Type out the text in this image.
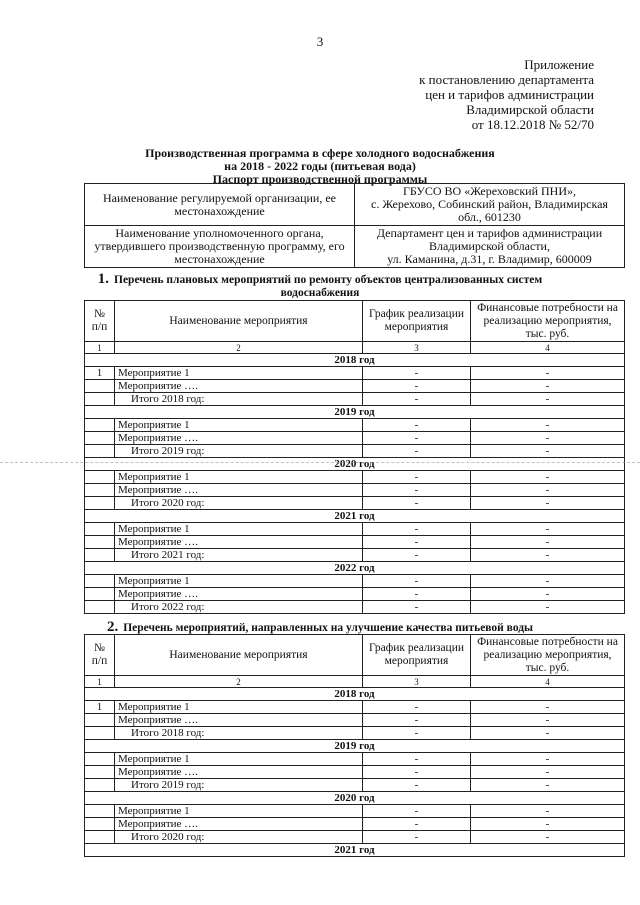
3
Приложение
к постановлению департамента
цен и тарифов администрации
Владимирской области
от 18.12.2018 № 52/70
Производственная программа в сфере холодного водоснабжения
на 2018 - 2022 годы (питьевая вода)
Паспорт производственной программы
Наименование регулируемой организации, ее местонахождение	ГБУСО ВО «Жереховский ПНИ»,
с. Жерехово, Собинский район, Владимирская
обл., 601230

Наименование уполномоченного органа, утвердившего производственную программу, его местонахождение	Департамент цен и тарифов администрации
Владимирской области,
ул. Каманина, д.31, г. Владимир, 600009
1. Перечень плановых мероприятий по ремонту объектов централизованных систем
водоснабжения
№ п/п	Наименование мероприятия	График реализации мероприятия	Финансовые потребности на реализацию мероприятия, тыс. руб.
1	2	3	4
2018 год			
1	Мероприятие 1	-	-
	Мероприятие ….	-	-
	Итого 2018 год:	-	-
2019 год			
	Мероприятие 1	-	-
	Мероприятие ….	-	-
	Итого 2019 год:	-	-
2020 год			
	Мероприятие 1	-	-
	Мероприятие ….	-	-
	Итого 2020 год:	-	-
2021 год			
	Мероприятие 1	-	-
	Мероприятие ….	-	-
	Итого 2021 год:	-	-
2022 год			
	Мероприятие 1	-	-
	Мероприятие ….	-	-
	Итого 2022 год:	-	-
2. Перечень мероприятий, направленных на улучшение качества питьевой воды
№ п/п	Наименование мероприятия	График реализации мероприятия	Финансовые потребности на реализацию мероприятия, тыс. руб.
1	2	3	4
2018 год			
1	Мероприятие 1	-	-
	Мероприятие ….	-	-
	Итого 2018 год:	-	-
2019 год			
	Мероприятие 1	-	-
	Мероприятие ….	-	-
	Итого 2019 год:	-	-
2020 год			
	Мероприятие 1	-	-
	Мероприятие ….	-	-
	Итого 2020 год:	-	-
2021 год			
